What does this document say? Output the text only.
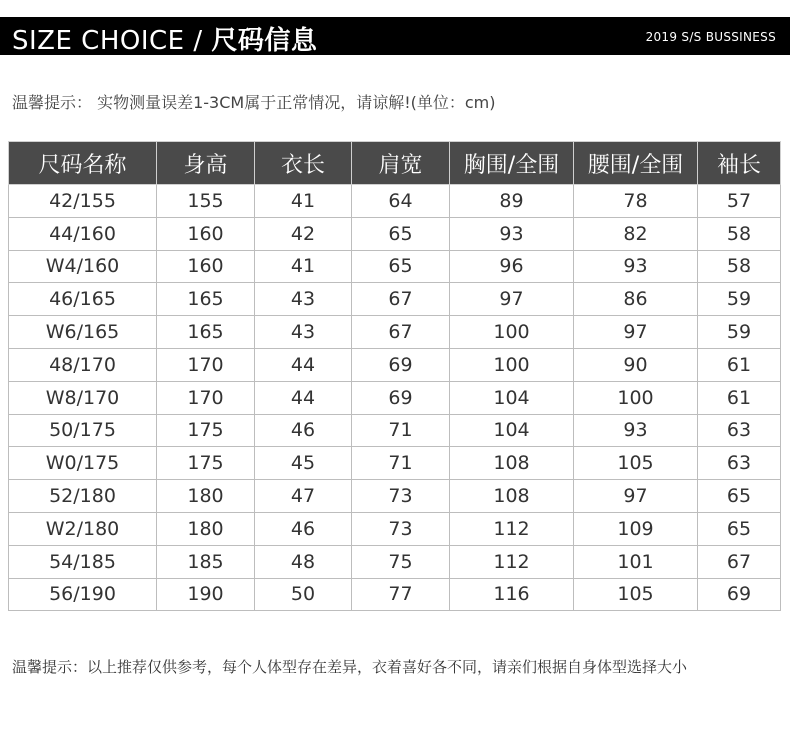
SIZE CHOICE / 尺码信息	2019 S/S BUSSINESS
温馨提示： 实物测量误差1-3CM属于正常情况，请谅解!(单位：cm)
尺码名称	身高	衣长	肩宽	胸围/全围	腰围/全围	袖长
42/155	155	41	64	89	78	57
44/160	160	42	65	93	82	58
W4/160	160	41	65	96	93	58
46/165	165	43	67	97	86	59
W6/165	165	43	67	100	97	59
48/170	170	44	69	100	90	61
W8/170	170	44	69	104	100	61
50/175	175	46	71	104	93	63
W0/175	175	45	71	108	105	63
52/180	180	47	73	108	97	65
W2/180	180	46	73	112	109	65
54/185	185	48	75	112	101	67
56/190	190	50	77	116	105	69
温馨提示：以上推荐仅供参考，每个人体型存在差异，衣着喜好各不同，请亲们根据自身体型选择大小
